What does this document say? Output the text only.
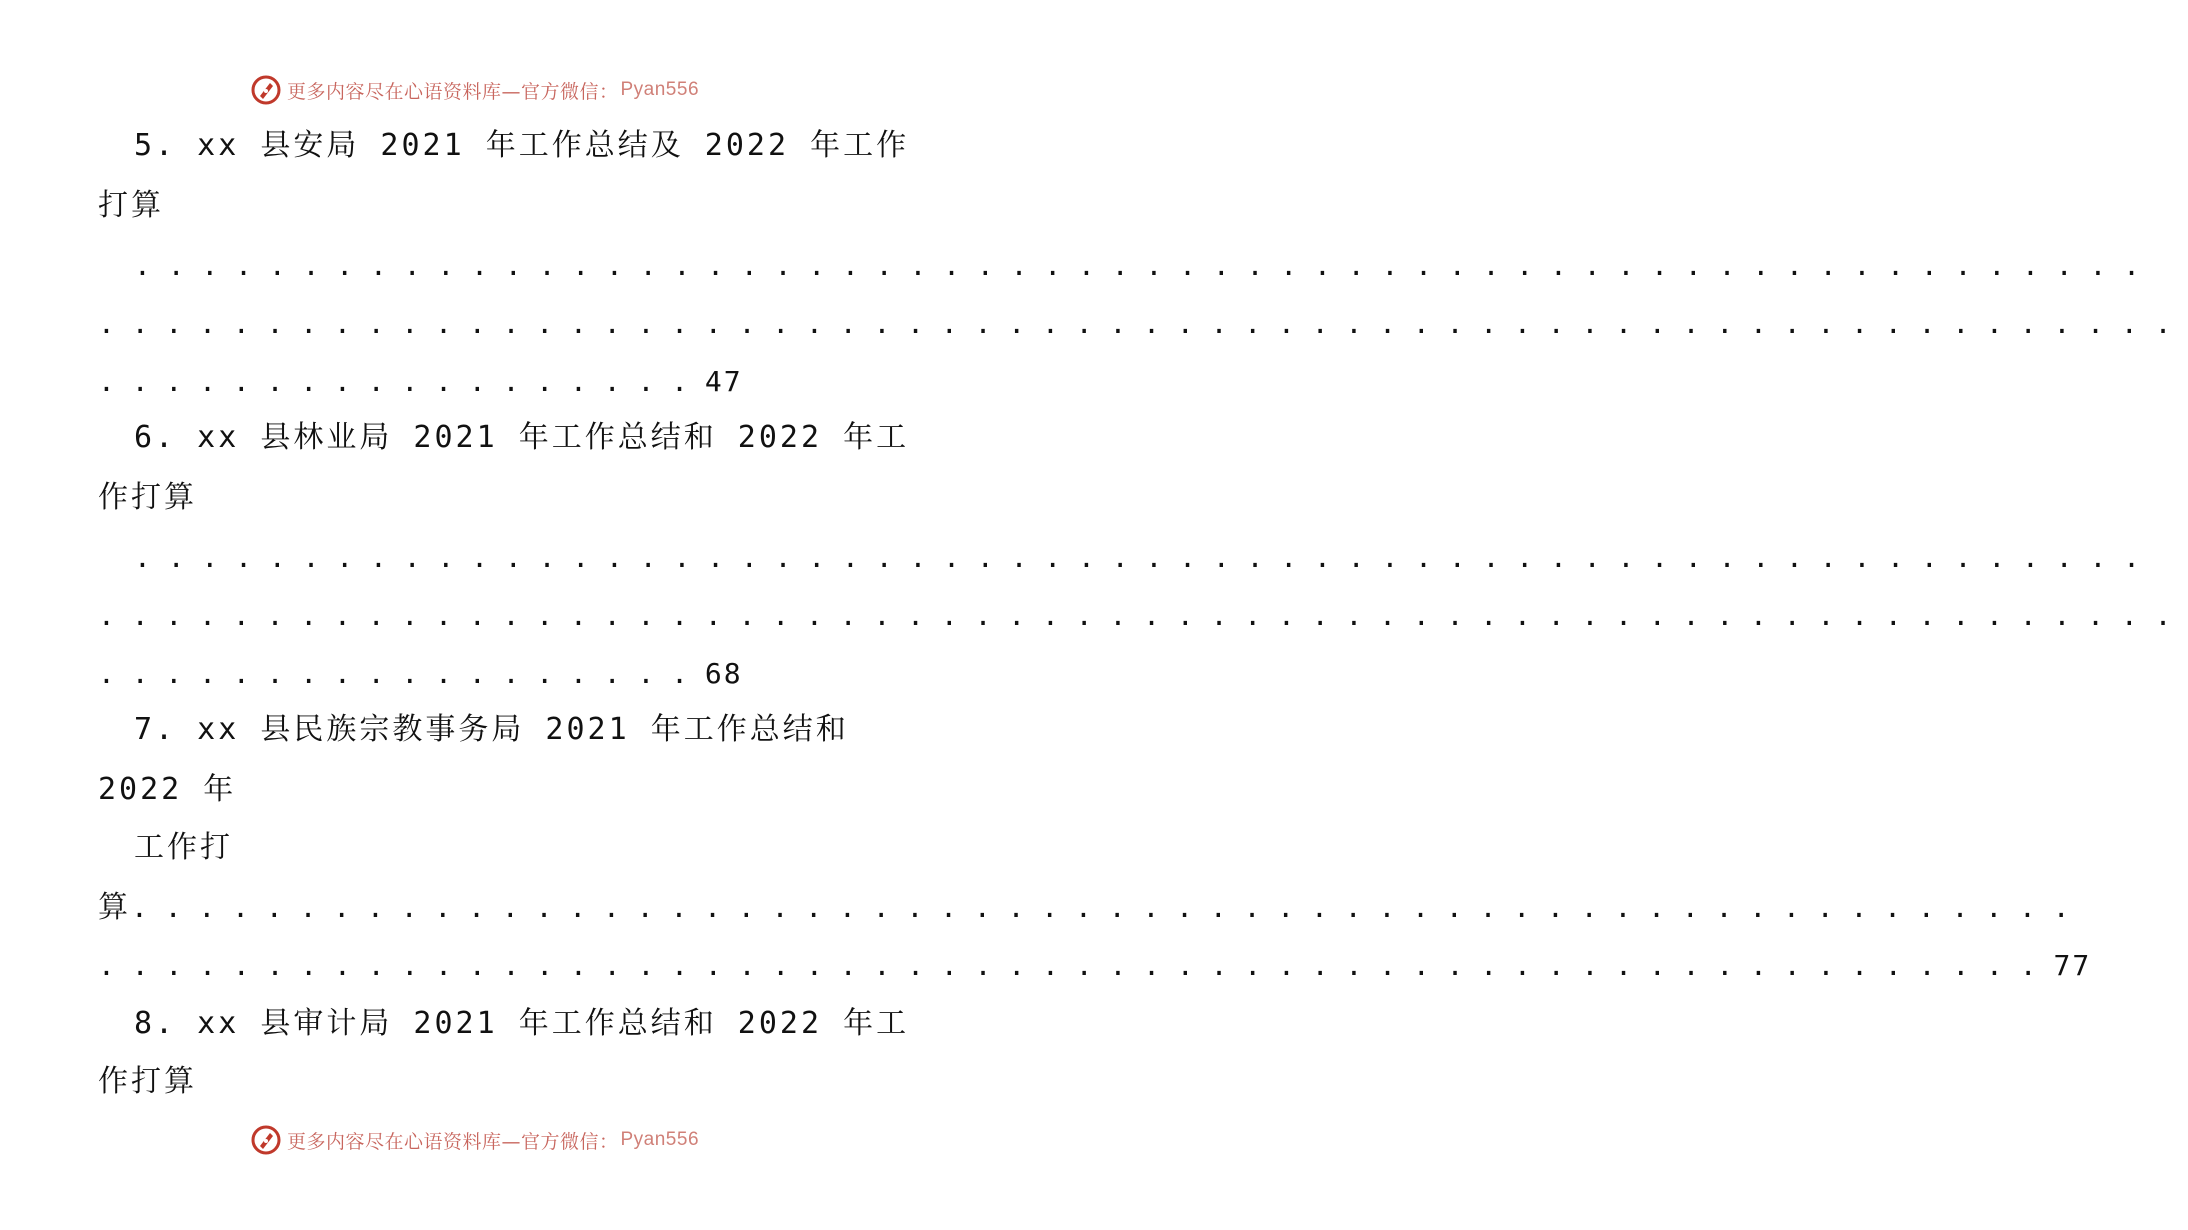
更多内容尽在心语资料库—官方微信： Pyan556
5. xx 县安局 2021 年工作总结及 2022 年工作
打算
. . . . . . . . . . . . . . . . . . . . . . . . . . . . . . . . . . . . . . . . . . . . . . . . . . . . . . . . . . . . 
. . . . . . . . . . . . . . . . . . . . . . . . . . . . . . . . . . . . . . . . . . . . . . . . . . . . . . . . . . . . . . 
. . . . . . . . . . . . . . . . . . 47
6. xx 县林业局 2021 年工作总结和 2022 年工
作打算
. . . . . . . . . . . . . . . . . . . . . . . . . . . . . . . . . . . . . . . . . . . . . . . . . . . . . . . . . . . . 
. . . . . . . . . . . . . . . . . . . . . . . . . . . . . . . . . . . . . . . . . . . . . . . . . . . . . . . . . . . . . . 
. . . . . . . . . . . . . . . . . . 68
7. xx 县民族宗教事务局 2021 年工作总结和
2022 年
工作打
算. . . . . . . . . . . . . . . . . . . . . . . . . . . . . . . . . . . . . . . . . . . . . . . . . . . . . . . . . . 
. . . . . . . . . . . . . . . . . . . . . . . . . . . . . . . . . . . . . . . . . . . . . . . . . . . . . . . . . . 77
8. xx 县审计局 2021 年工作总结和 2022 年工
作打算
更多内容尽在心语资料库—官方微信： Pyan556
